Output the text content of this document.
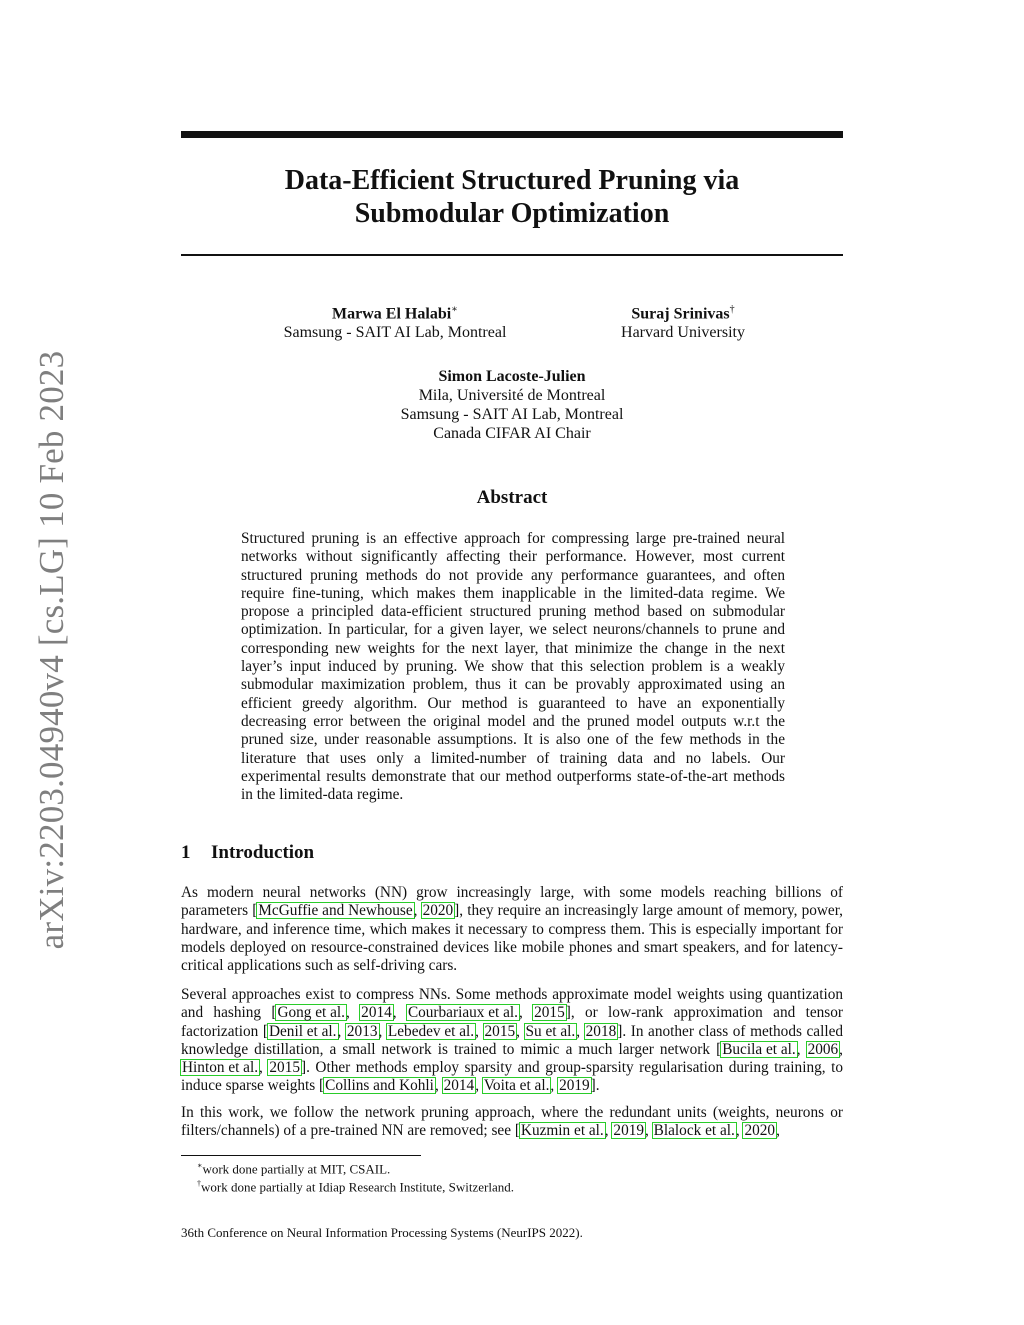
arXiv:2203.04940v4 [cs.LG] 10 Feb 2023
Data-Efficient Structured Pruning via
Submodular Optimization
Marwa El Halabi∗
Samsung - SAIT AI Lab, Montreal
Suraj Srinivas†
Harvard University
Simon Lacoste-Julien
Mila, Université de Montreal
Samsung - SAIT AI Lab, Montreal
Canada CIFAR AI Chair
Abstract
Structured pruning is an effective approach for compressing large pre-trained neural networks without significantly affecting their performance. However, most current structured pruning methods do not provide any performance guarantees, and often require fine-tuning, which makes them inapplicable in the limited-data regime. We propose a principled data-efficient structured pruning method based on submodular optimization. In particular, for a given layer, we select neurons/channels to prune and corresponding new weights for the next layer, that minimize the change in the next layer’s input induced by pruning. We show that this selection problem is a weakly submodular maximization problem, thus it can be provably approximated using an efficient greedy algorithm. Our method is guaranteed to have an exponentially decreasing error between the original model and the pruned model outputs w.r.t the pruned size, under reasonable assumptions. It is also one of the few methods in the literature that uses only a limited-number of training data and no labels. Our experimental results demonstrate that our method outperforms state-of-the-art methods in the limited-data regime.
1 Introduction
As modern neural networks (NN) grow increasingly large, with some models reaching billions of parameters [McGuffie and Newhouse, 2020], they require an increasingly large amount of memory, power, hardware, and inference time, which makes it necessary to compress them. This is especially important for models deployed on resource-constrained devices like mobile phones and smart speakers, and for latency-critical applications such as self-driving cars.
Several approaches exist to compress NNs. Some methods approximate model weights using quantization and hashing [Gong et al., 2014, Courbariaux et al., 2015], or low-rank approximation and tensor factorization [Denil et al., 2013, Lebedev et al., 2015, Su et al., 2018]. In another class of methods called knowledge distillation, a small network is trained to mimic a much larger network [Bucila et al., 2006, Hinton et al., 2015]. Other methods employ sparsity and group-sparsity regularisation during training, to induce sparse weights [Collins and Kohli, 2014, Voita et al., 2019].
In this work, we follow the network pruning approach, where the redundant units (weights, neurons or filters/channels) of a pre-trained NN are removed; see [Kuzmin et al., 2019, Blalock et al., 2020,
∗work done partially at MIT, CSAIL.
†work done partially at Idiap Research Institute, Switzerland.
36th Conference on Neural Information Processing Systems (NeurIPS 2022).
